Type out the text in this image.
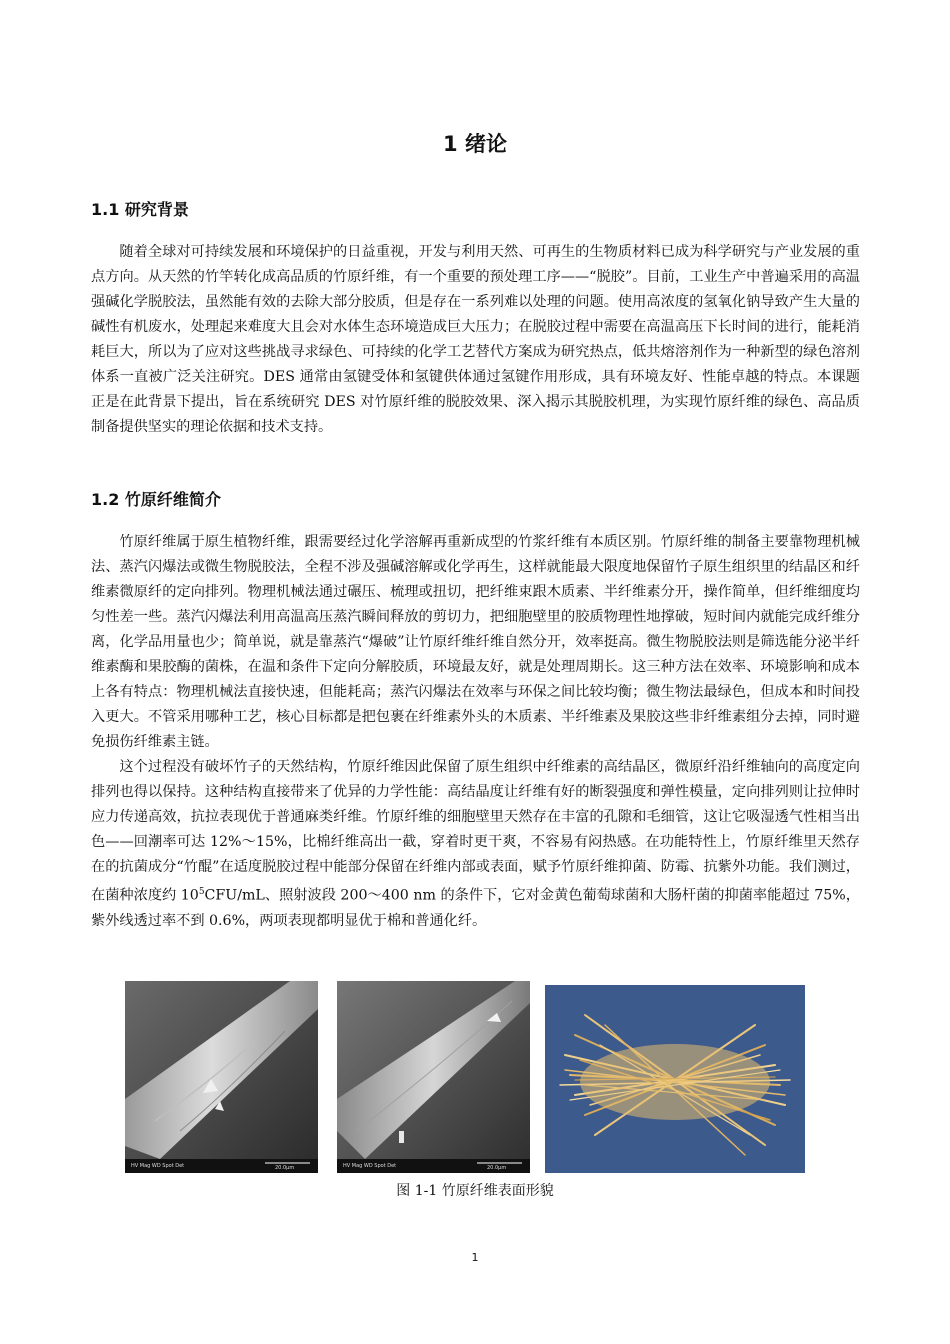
1 绪论
1.1 研究背景

随着全球对可持续发展和环境保护的日益重视，开发与利用天然、可再生的生物质材料已成为科学研究与产业发展的重点方向。从天然的竹竿转化成高品质的竹原纤维，有一个重要的预处理工序——“脱胶”。目前，工业生产中普遍采用的高温强碱化学脱胶法，虽然能有效的去除大部分胶质，但是存在一系列难以处理的问题。使用高浓度的氢氧化钠导致产生大量的碱性有机废水，处理起来难度大且会对水体生态环境造成巨大压力；在脱胶过程中需要在高温高压下长时间的进行，能耗消耗巨大，所以为了应对这些挑战寻求绿色、可持续的化学工艺替代方案成为研究热点，低共熔溶剂作为一种新型的绿色溶剂体系一直被广泛关注研究。DES 通常由氢键受体和氢键供体通过氢键作用形成，具有环境友好、性能卓越的特点。本课题正是在此背景下提出，旨在系统研究 DES 对竹原纤维的脱胶效果、深入揭示其脱胶机理，为实现竹原纤维的绿色、高品质制备提供坚实的理论依据和技术支持。

1.2 竹原纤维简介

竹原纤维属于原生植物纤维，跟需要经过化学溶解再重新成型的竹浆纤维有本质区别。竹原纤维的制备主要靠物理机械法、蒸汽闪爆法或微生物脱胶法，全程不涉及强碱溶解或化学再生，这样就能最大限度地保留竹子原生组织里的结晶区和纤维素微原纤的定向排列。物理机械法通过碾压、梳理或扭切，把纤维束跟木质素、半纤维素分开，操作简单，但纤维细度均匀性差一些。蒸汽闪爆法利用高温高压蒸汽瞬间释放的剪切力，把细胞壁里的胶质物理性地撑破，短时间内就能完成纤维分离，化学品用量也少；简单说，就是靠蒸汽“爆破”让竹原纤维纤维自然分开，效率挺高。微生物脱胶法则是筛选能分泌半纤维素酶和果胶酶的菌株，在温和条件下定向分解胶质，环境最友好，就是处理周期长。这三种方法在效率、环境影响和成本上各有特点：物理机械法直接快速，但能耗高；蒸汽闪爆法在效率与环保之间比较均衡；微生物法最绿色，但成本和时间投入更大。不管采用哪种工艺，核心目标都是把包裹在纤维素外头的木质素、半纤维素及果胶这些非纤维素组分去掉，同时避免损伤纤维素主链。

这个过程没有破坏竹子的天然结构，竹原纤维因此保留了原生组织中纤维素的高结晶区，微原纤沿纤维轴向的高度定向排列也得以保持。这种结构直接带来了优异的力学性能：高结晶度让纤维有好的断裂强度和弹性模量，定向排列则让拉伸时应力传递高效，抗拉表现优于普通麻类纤维。竹原纤维的细胞壁里天然存在丰富的孔隙和毛细管，这让它吸湿透气性相当出色——回潮率可达 12%～15%，比棉纤维高出一截，穿着时更干爽，不容易有闷热感。在功能特性上，竹原纤维里天然存在的抗菌成分“竹醌”在适度脱胶过程中能部分保留在纤维内部或表面，赋予竹原纤维抑菌、防霉、抗紫外功能。我们测过，在菌种浓度约 $10^5CFU/mL$、照射波段 200～400 nm 的条件下，它对金黄色葡萄球菌和大肠杆菌的抑菌率能超过 75%，紫外线透过率不到 0.6%，两项表现都明显优于棉和普通化纤。

HV Mag WD Spot Det	20.0μm	HV Mag WD Spot Det	20.0μm
图 1-1 竹原纤维表面形貌
1
